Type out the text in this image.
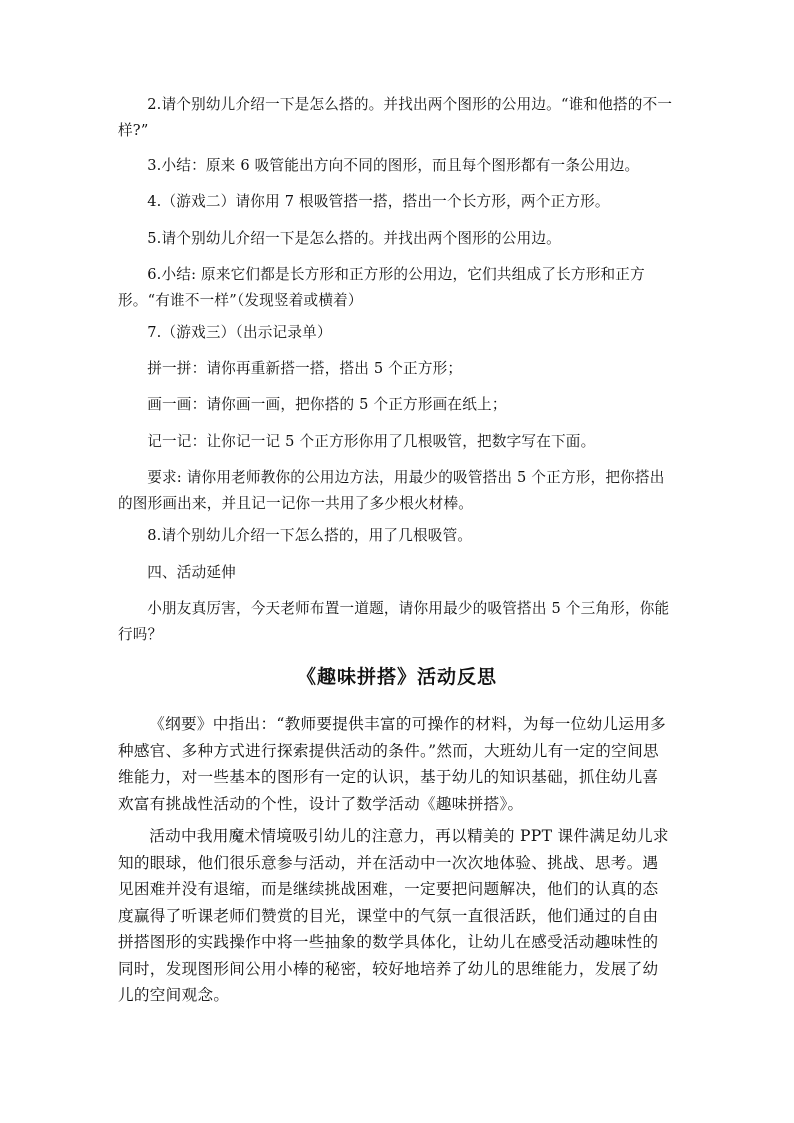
2.请个别幼儿介绍一下是怎么搭的。并找出两个图形的公用边。“谁和他搭的不一样?”

3.小结：原来 6 吸管能出方向不同的图形，而且每个图形都有一条公用边。

4.（游戏二）请你用 7 根吸管搭一搭，搭出一个长方形，两个正方形。

5.请个别幼儿介绍一下是怎么搭的。并找出两个图形的公用边。

6.小结: 原来它们都是长方形和正方形的公用边，它们共组成了长方形和正方形。“有谁不一样”（发现竖着或横着）

7.（游戏三）（出示记录单）

拼一拼：请你再重新搭一搭，搭出 5 个正方形；

画一画：请你画一画，把你搭的 5 个正方形画在纸上；

记一记：让你记一记 5 个正方形你用了几根吸管，把数字写在下面。

要求: 请你用老师教你的公用边方法，用最少的吸管搭出 5 个正方形，把你搭出的图形画出来，并且记一记你一共用了多少根火材棒。

8.请个别幼儿介绍一下怎么搭的，用了几根吸管。

四、活动延伸

小朋友真厉害，今天老师布置一道题，请你用最少的吸管搭出 5 个三角形，你能行吗？

《趣味拼搭》活动反思

《纲要》中指出：“教师要提供丰富的可操作的材料，为每一位幼儿运用多种感官、多种方式进行探索提供活动的条件。”然而，大班幼儿有一定的空间思维能力，对一些基本的图形有一定的认识，基于幼儿的知识基础，抓住幼儿喜欢富有挑战性活动的个性，设计了数学活动《趣味拼搭》。

活动中我用魔术情境吸引幼儿的注意力，再以精美的 PPT 课件满足幼儿求知的眼球，他们很乐意参与活动，并在活动中一次次地体验、挑战、思考。遇见困难并没有退缩，而是继续挑战困难，一定要把问题解决，他们的认真的态度赢得了听课老师们赞赏的目光，课堂中的气氛一直很活跃，他们通过的自由拼搭图形的实践操作中将一些抽象的数学具体化，让幼儿在感受活动趣味性的同时，发现图形间公用小棒的秘密，较好地培养了幼儿的思维能力，发展了幼儿的空间观念。
